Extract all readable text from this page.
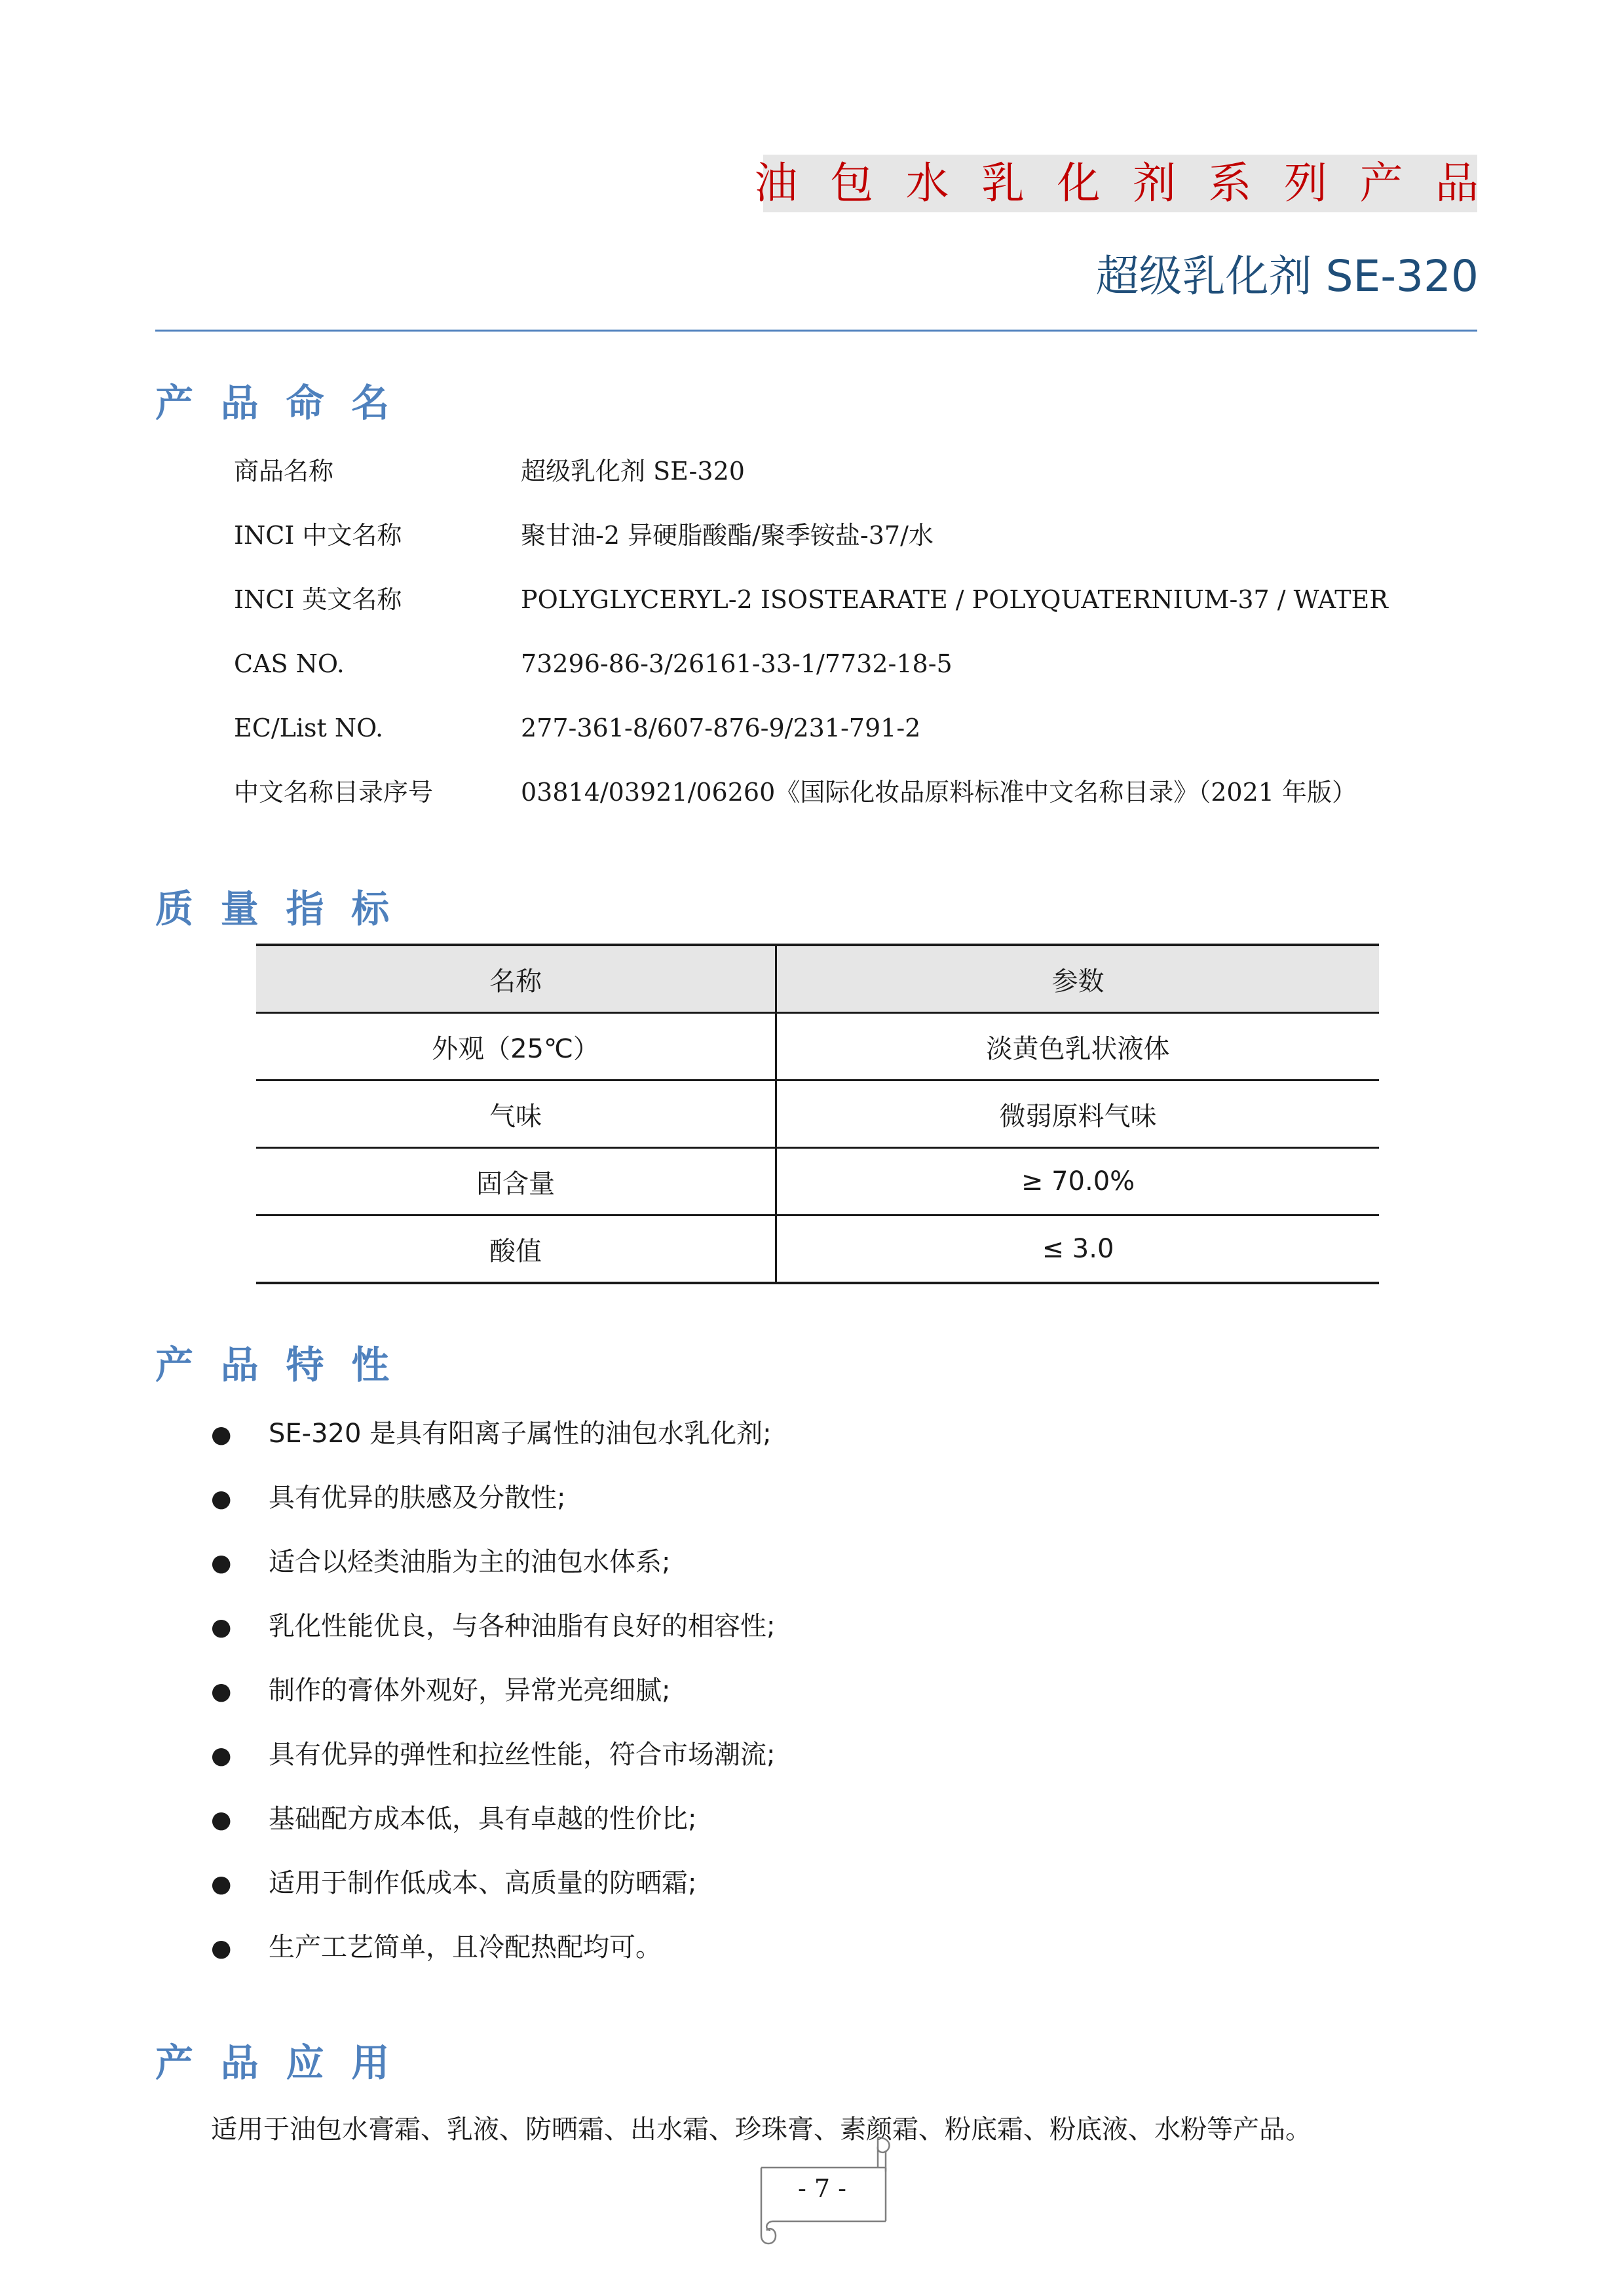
油包水乳化剂系列产品
超级乳化剂 SE-320
产品命名
商品名称	超级乳化剂 SE-320
INCI 中文名称	聚甘油-2 异硬脂酸酯/聚季铵盐-37/水
INCI 英文名称	POLYGLYCERYL-2 ISOSTEARATE / POLYQUATERNIUM-37 / WATER
CAS NO.	73296-86-3/26161-33-1/7732-18-5
EC/List NO.	277-361-8/607-876-9/231-791-2
中文名称目录序号	03814/03921/06260《国际化妆品原料标准中文名称目录》（2021 年版）
质量指标
名称	参数
外观（25℃）	淡黄色乳状液体
气味	微弱原料气味
固含量	≥ 70.0%
酸值	≤ 3.0
产品特性
● SE-320 是具有阳离子属性的油包水乳化剂;
● 具有优异的肤感及分散性;
● 适合以烃类油脂为主的油包水体系;
● 乳化性能优良，与各种油脂有良好的相容性;
● 制作的膏体外观好，异常光亮细腻;
● 具有优异的弹性和拉丝性能，符合市场潮流;
● 基础配方成本低，具有卓越的性价比;
● 适用于制作低成本、高质量的防晒霜;
● 生产工艺简单，且冷配热配均可。
产品应用
适用于油包水膏霜、乳液、防晒霜、出水霜、珍珠膏、素颜霜、粉底霜、粉底液、水粉等产品。
- 7 -
